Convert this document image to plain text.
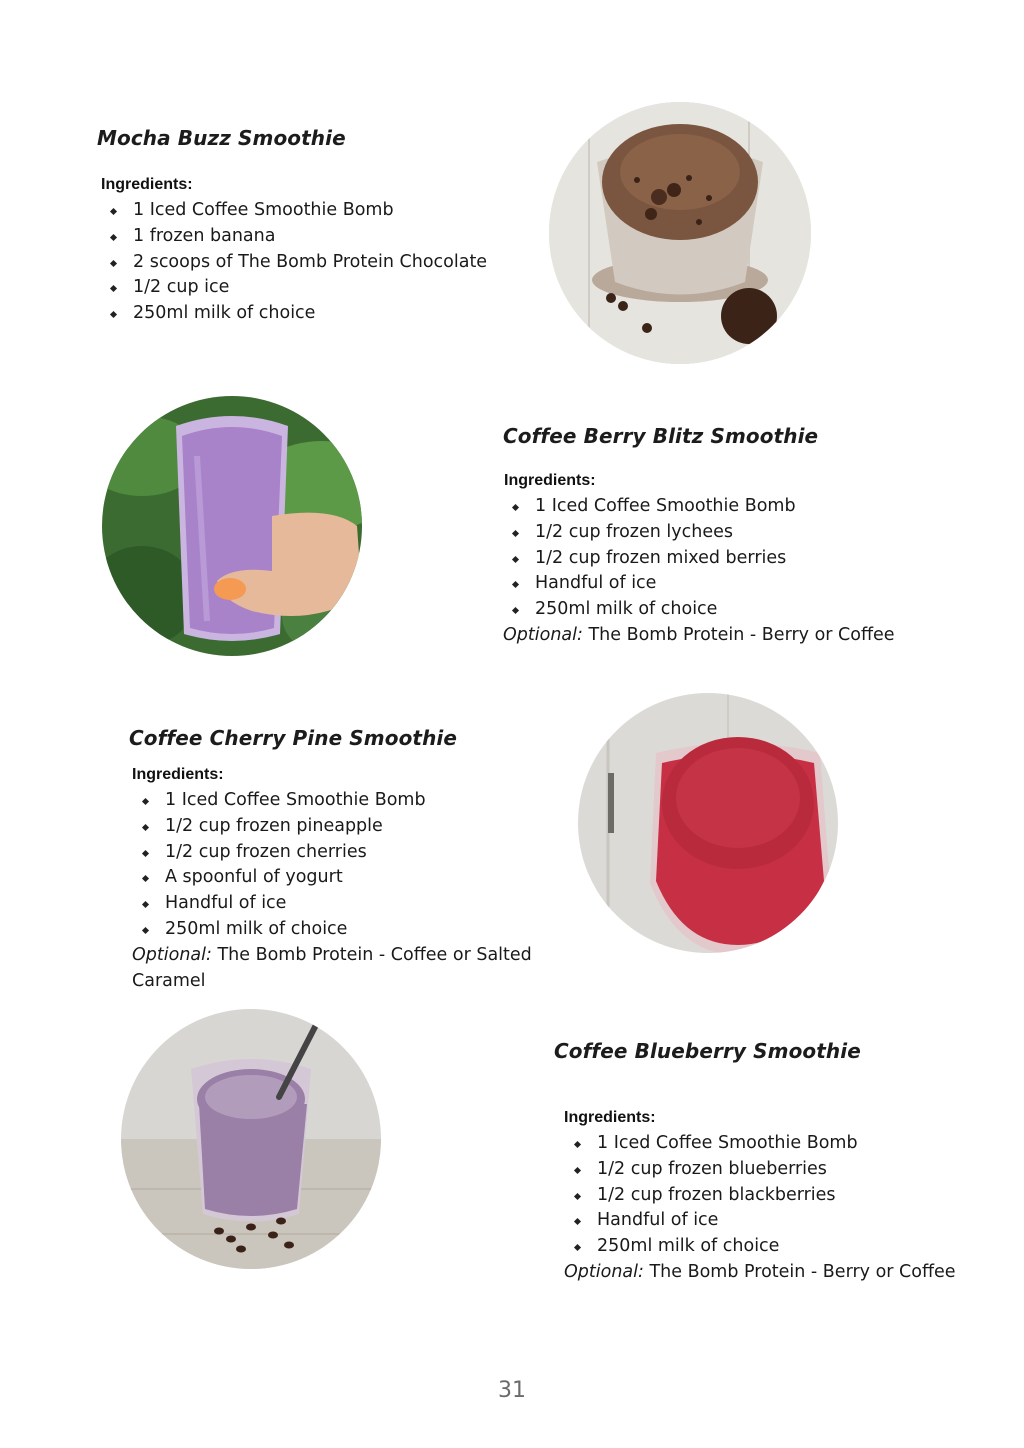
Mocha Buzz Smoothie
Ingredients:
1 Iced Coffee Smoothie Bomb
1 frozen banana
2 scoops of The Bomb Protein Chocolate
1/2 cup ice
250ml milk of choice
Coffee Berry Blitz Smoothie
Ingredients:
1 Iced Coffee Smoothie Bomb
1/2 cup frozen lychees
1/2 cup frozen mixed berries
Handful of ice
250ml milk of choice
Optional: The Bomb Protein - Berry or Coffee
Coffee Cherry Pine Smoothie
Ingredients:
1 Iced Coffee Smoothie Bomb
1/2 cup frozen pineapple
1/2 cup frozen cherries
A spoonful of yogurt
Handful of ice
250ml milk of choice
Optional: The Bomb Protein - Coffee or Salted
Caramel
Coffee Blueberry Smoothie
Ingredients:
1 Iced Coffee Smoothie Bomb
1/2 cup frozen blueberries
1/2 cup frozen blackberries
Handful of ice
250ml milk of choice
Optional: The Bomb Protein - Berry or Coffee
31
